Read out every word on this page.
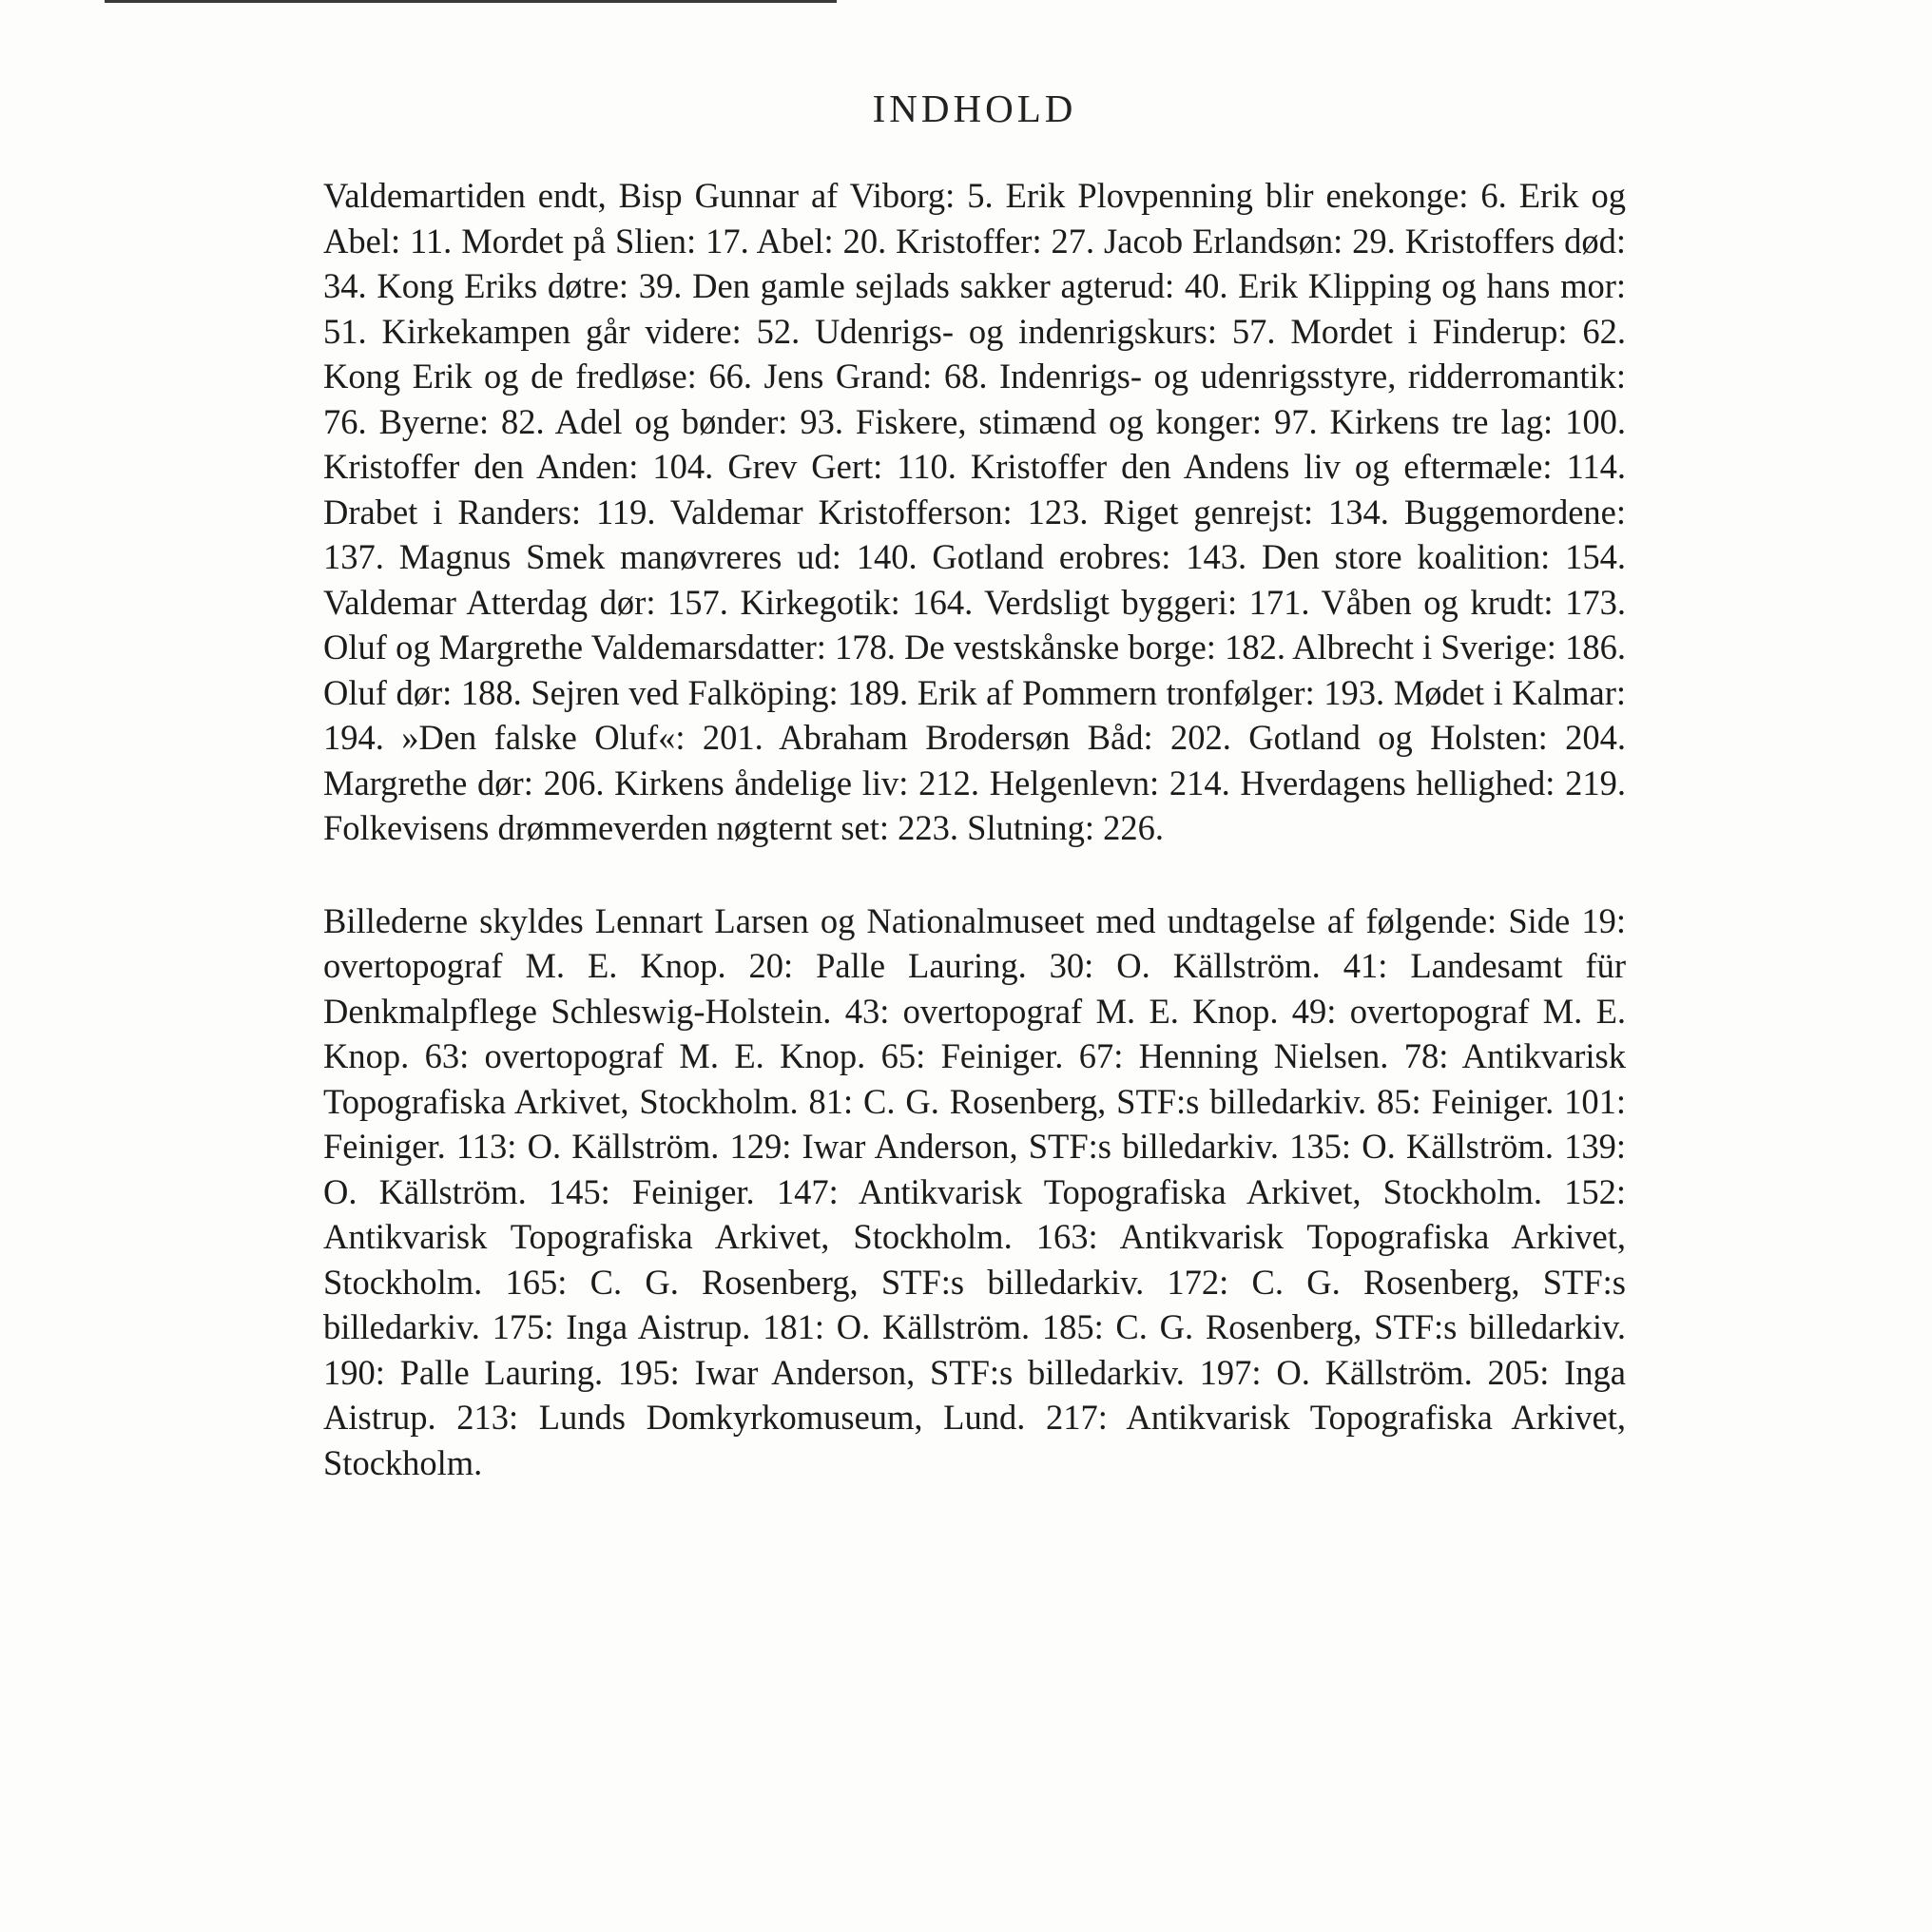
INDHOLD

Valdemartiden endt, Bisp Gunnar af Viborg: 5. Erik Plovpenning blir enekonge: 6. Erik og Abel: 11. Mordet på Slien: 17. Abel: 20. Kristoffer: 27. Jacob Erlandsøn: 29. Kristoffers død: 34. Kong Eriks døtre: 39. Den gamle sejlads sakker agterud: 40. Erik Klipping og hans mor: 51. Kirkekampen går videre: 52. Udenrigs- og indenrigskurs: 57. Mordet i Finderup: 62. Kong Erik og de fredløse: 66. Jens Grand: 68. Indenrigs- og udenrigsstyre, ridderromantik: 76. Byerne: 82. Adel og bønder: 93. Fiskere, stimænd og konger: 97. Kirkens tre lag: 100. Kristoffer den Anden: 104. Grev Gert: 110. Kristoffer den Andens liv og eftermæle: 114. Drabet i Randers: 119. Valdemar Kristofferson: 123. Riget genrejst: 134. Buggemordene: 137. Magnus Smek manøvreres ud: 140. Gotland erobres: 143. Den store koalition: 154. Valdemar Atterdag dør: 157. Kirkegotik: 164. Verdsligt byggeri: 171. Våben og krudt: 173. Oluf og Margrethe Valdemarsdatter: 178. De vestskånske borge: 182. Albrecht i Sverige: 186. Oluf dør: 188. Sejren ved Falköping: 189. Erik af Pommern tronfølger: 193. Mødet i Kalmar: 194. »Den falske Oluf«: 201. Abraham Brodersøn Båd: 202. Gotland og Holsten: 204. Margrethe dør: 206. Kirkens åndelige liv: 212. Helgenlevn: 214. Hverdagens hellighed: 219. Folkevisens drømmeverden nøgternt set: 223. Slutning: 226.

Billederne skyldes Lennart Larsen og Nationalmuseet med undtagelse af følgende: Side 19: overtopograf M. E. Knop. 20: Palle Lauring. 30: O. Källström. 41: Landesamt für Denkmalpflege Schleswig-Holstein. 43: overtopograf M. E. Knop. 49: overtopograf M. E. Knop. 63: overtopograf M. E. Knop. 65: Feiniger. 67: Henning Nielsen. 78: Antikvarisk Topografiska Arkivet, Stockholm. 81: C. G. Rosenberg, STF:s billedarkiv. 85: Feiniger. 101: Feiniger. 113: O. Källström. 129: Iwar Anderson, STF:s billedarkiv. 135: O. Källström. 139: O. Källström. 145: Feiniger. 147: Antikvarisk Topografiska Arkivet, Stockholm. 152: Antikvarisk Topografiska Arkivet, Stockholm. 163: Antikvarisk Topografiska Arkivet, Stockholm. 165: C. G. Rosenberg, STF:s billedarkiv. 172: C. G. Rosenberg, STF:s billedarkiv. 175: Inga Aistrup. 181: O. Källström. 185: C. G. Rosenberg, STF:s billedarkiv. 190: Palle Lauring. 195: Iwar Anderson, STF:s billedarkiv. 197: O. Källström. 205: Inga Aistrup. 213: Lunds Domkyrkomuseum, Lund. 217: Antikvarisk Topografiska Arkivet, Stockholm.
